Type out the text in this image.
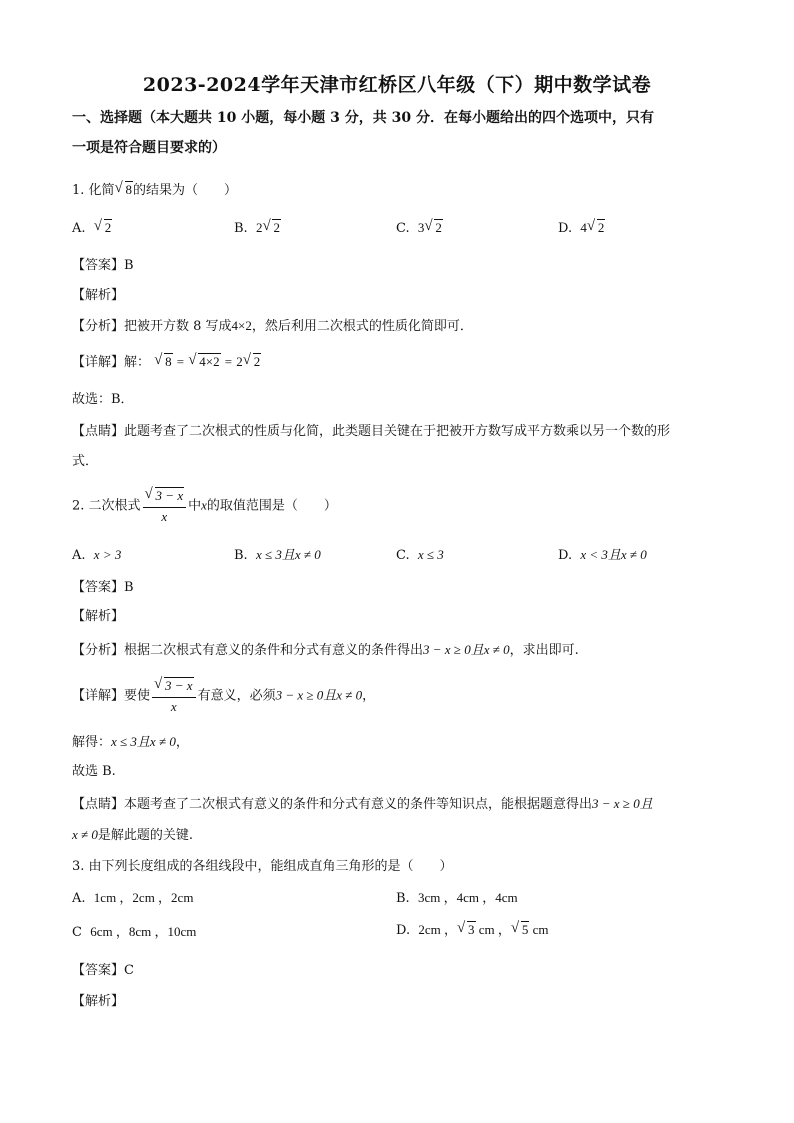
2023-2024学年天津市红桥区八年级（下）期中数学试卷
一、选择题（本大题共 10 小题，每小题 3 分，共 30 分．在每小题给出的四个选项中，只有
一项是符合题目要求的）
1. 化简 √ 8的结果为（　　）
A. √ 2	B. 2 √ 2	C. 3 √ 2	D. 4 √ 2
【答案】B
【解析】
【分析】把被开方数 8 写成4×2，然后利用二次根式的性质化简即可．
【详解】解： √ 8 = √ 4×2 = 2 √ 2
故选：B．
【点睛】此题考查了二次根式的性质与化简，此类题目关键在于把被开方数写成平方数乘以另一个数的形
式．
2. 二次根式 √ $\frac{3 - x}{x}$ 中x的取值范围是（　　）
A. x > 3	B. x ≤ 3且x ≠ 0	C. x ≤ 3	D. x < 3且x ≠ 0
【答案】B
【解析】
【分析】根据二次根式有意义的条件和分式有意义的条件得出3 − x ≥ 0且x ≠ 0，求出即可.
【详解】要使 √ $\frac{3 - x}{x}$ 有意义，必须3 − x ≥ 0且x ≠ 0，
解得：x ≤ 3且x ≠ 0，
故选 B.
【点睛】本题考查了二次根式有意义的条件和分式有意义的条件等知识点，能根据题意得出3 − x ≥ 0且
x ≠ 0是解此题的关键.
3. 由下列长度组成的各组线段中，能组成直角三角形的是（　　）
A. 1cm ，2cm ，2cm	B. 3cm ，4cm ，4cm
C 6cm ，8cm ，10cm	D. 2cm ， √ 3 cm ， √ 5 cm
【答案】C
【解析】
